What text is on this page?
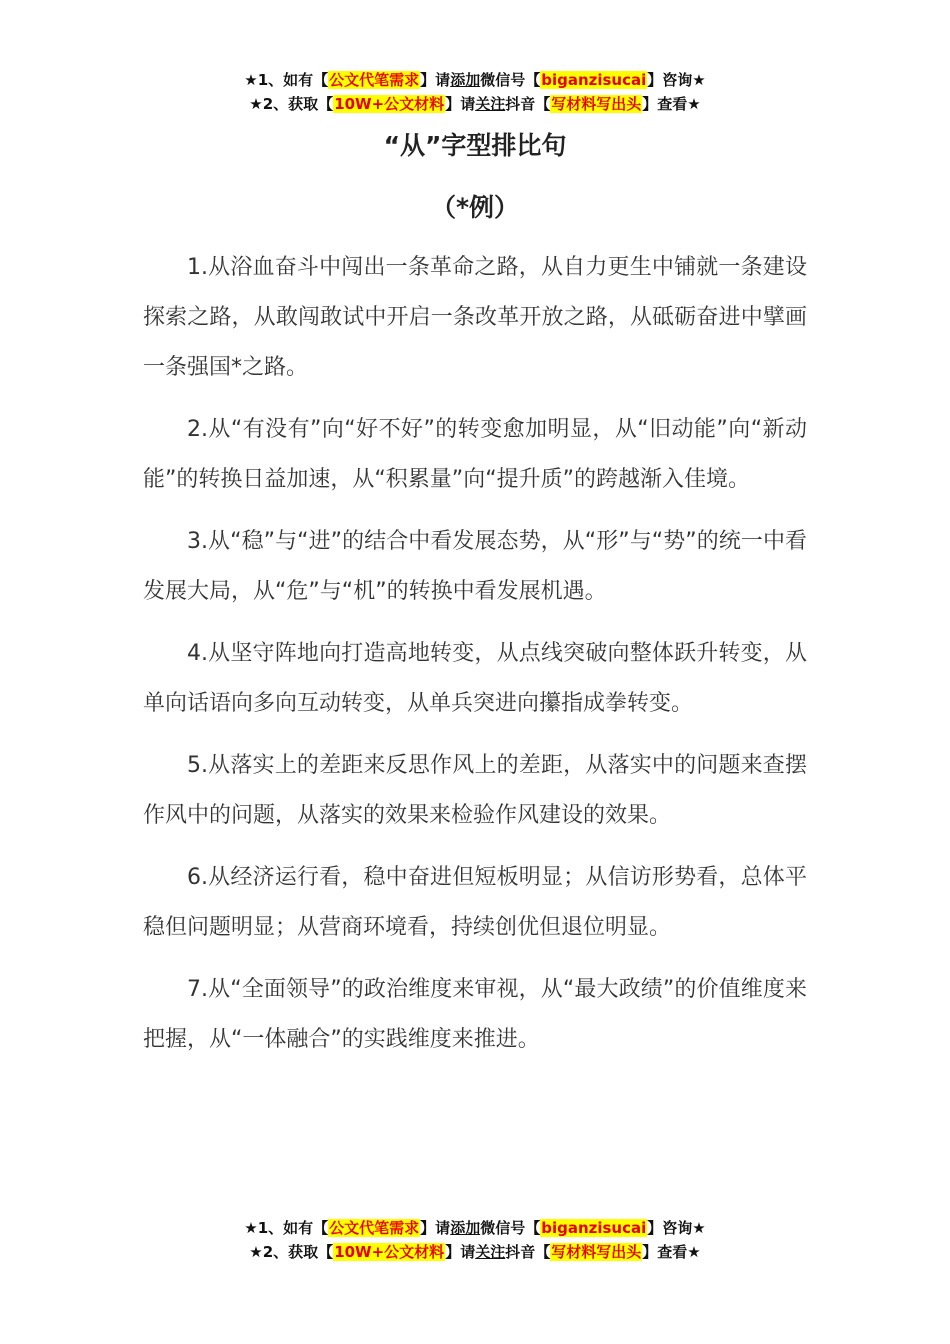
★1、如有【公文代笔需求】请添加微信号【biganzisucai】咨询★
★2、获取【10W+公文材料】请关注抖音【写材料写出头】查看★
“从”字型排比句
（*例）

1.从浴血奋斗中闯出一条革命之路，从自力更生中铺就一条建设探索之路，从敢闯敢试中开启一条改革开放之路，从砥砺奋进中擘画一条强国*之路。

2.从“有没有”向“好不好”的转变愈加明显，从“旧动能”向“新动能”的转换日益加速，从“积累量”向“提升质”的跨越渐入佳境。

3.从“稳”与“进”的结合中看发展态势，从“形”与“势”的统一中看发展大局，从“危”与“机”的转换中看发展机遇。

4.从坚守阵地向打造高地转变，从点线突破向整体跃升转变，从单向话语向多向互动转变，从单兵突进向攥指成拳转变。

5.从落实上的差距来反思作风上的差距，从落实中的问题来查摆作风中的问题，从落实的效果来检验作风建设的效果。

6.从经济运行看，稳中奋进但短板明显；从信访形势看，总体平稳但问题明显；从营商环境看，持续创优但退位明显。

7.从“全面领导”的政治维度来审视，从“最大政绩”的价值维度来把握，从“一体融合”的实践维度来推进。

★1、如有【公文代笔需求】请添加微信号【biganzisucai】咨询★
★2、获取【10W+公文材料】请关注抖音【写材料写出头】查看★
